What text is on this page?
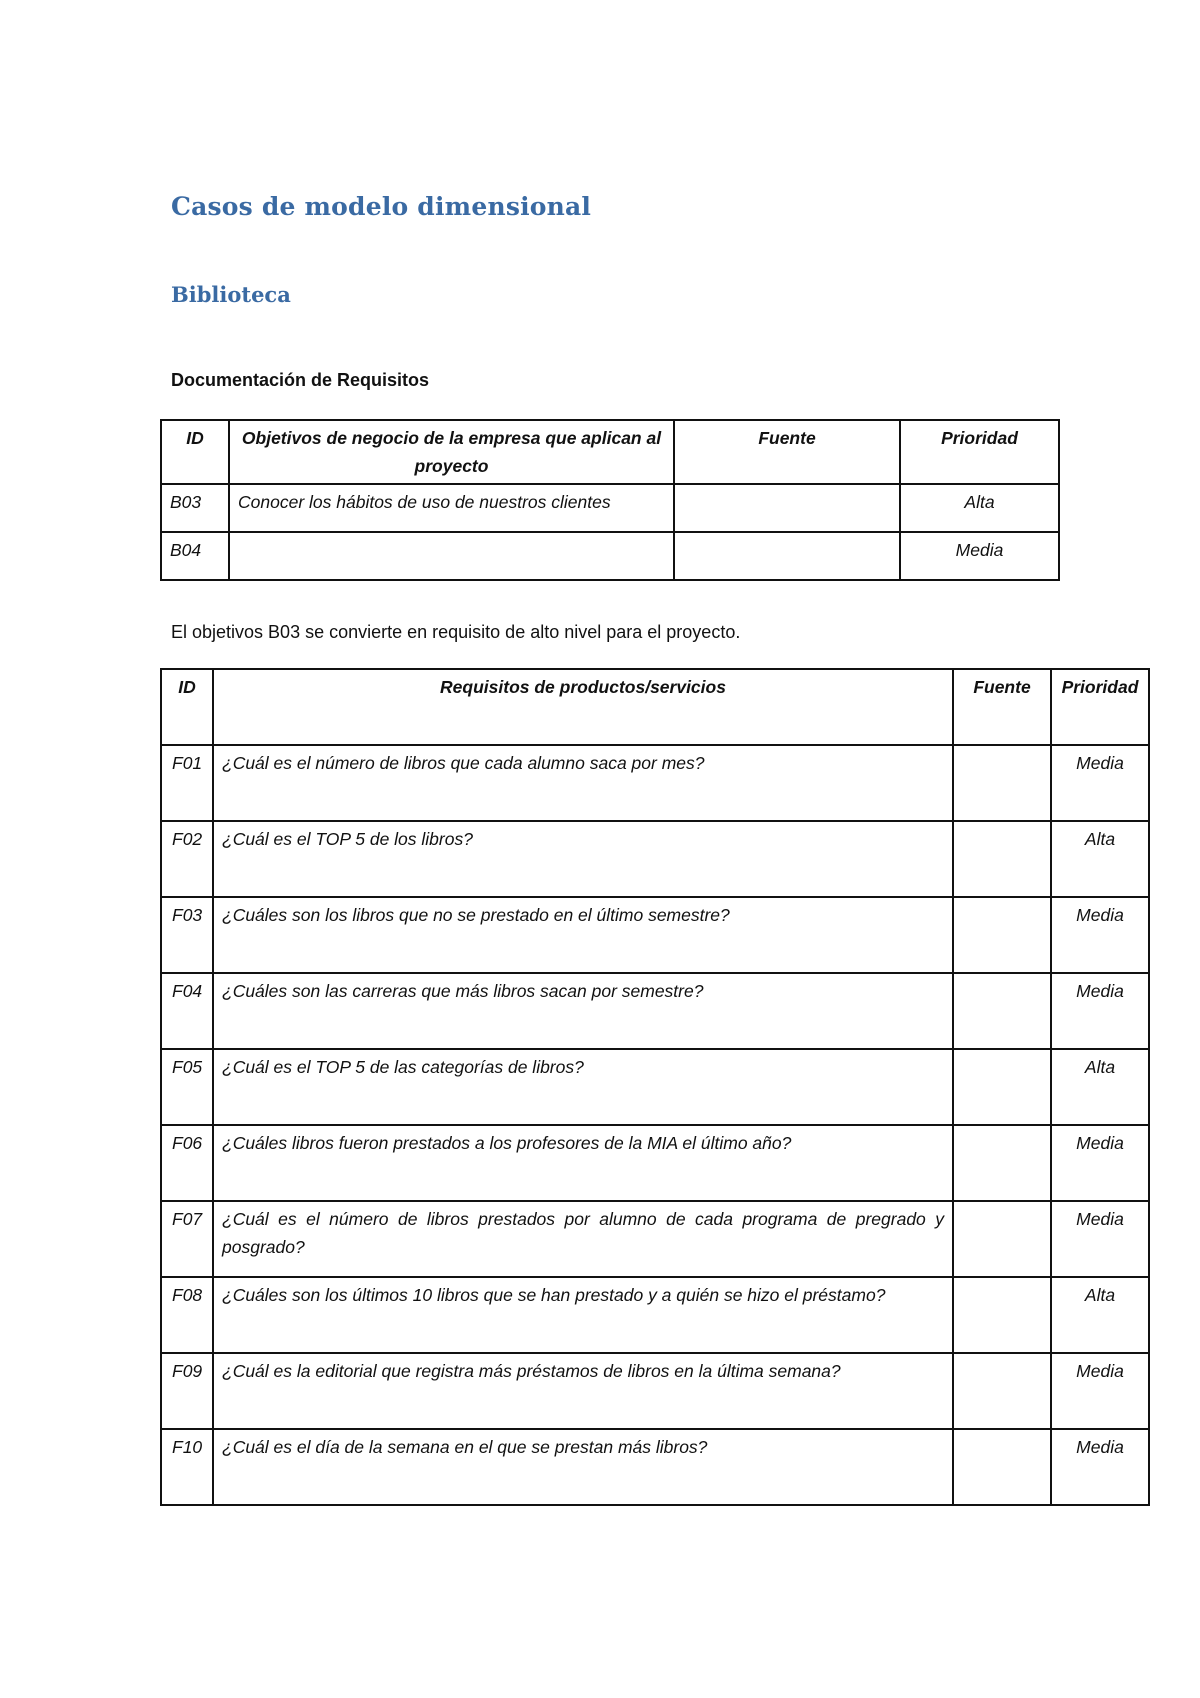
Casos de modelo dimensional
Biblioteca

Documentación de Requisitos

ID	Objetivos de negocio de la empresa que aplican al proyecto	Fuente	Prioridad
B03	Conocer los hábitos de uso de nuestros clientes		Alta
B04			Media

El objetivos B03 se convierte en requisito de alto nivel para el proyecto.

ID	Requisitos de productos/servicios	Fuente	Prioridad
F01	¿Cuál es el número de libros que cada alumno saca por mes?		Media
F02	¿Cuál es el TOP 5 de los libros?		Alta
F03	¿Cuáles son los libros que no se prestado en el último semestre?		Media
F04	¿Cuáles son las carreras que más libros sacan por semestre?		Media
F05	¿Cuál es el TOP 5 de las categorías de libros?		Alta
F06	¿Cuáles libros fueron prestados a los profesores de la MIA el último año?		Media
F07	¿Cuál es el número de libros prestados por alumno de cada programa de pregrado y posgrado?		Media
F08	¿Cuáles son los últimos 10 libros que se han prestado y a quién se hizo el préstamo?		Alta
F09	¿Cuál es la editorial que registra más préstamos de libros en la última semana?		Media
F10	¿Cuál es el día de la semana en el que se prestan más libros?		Media
